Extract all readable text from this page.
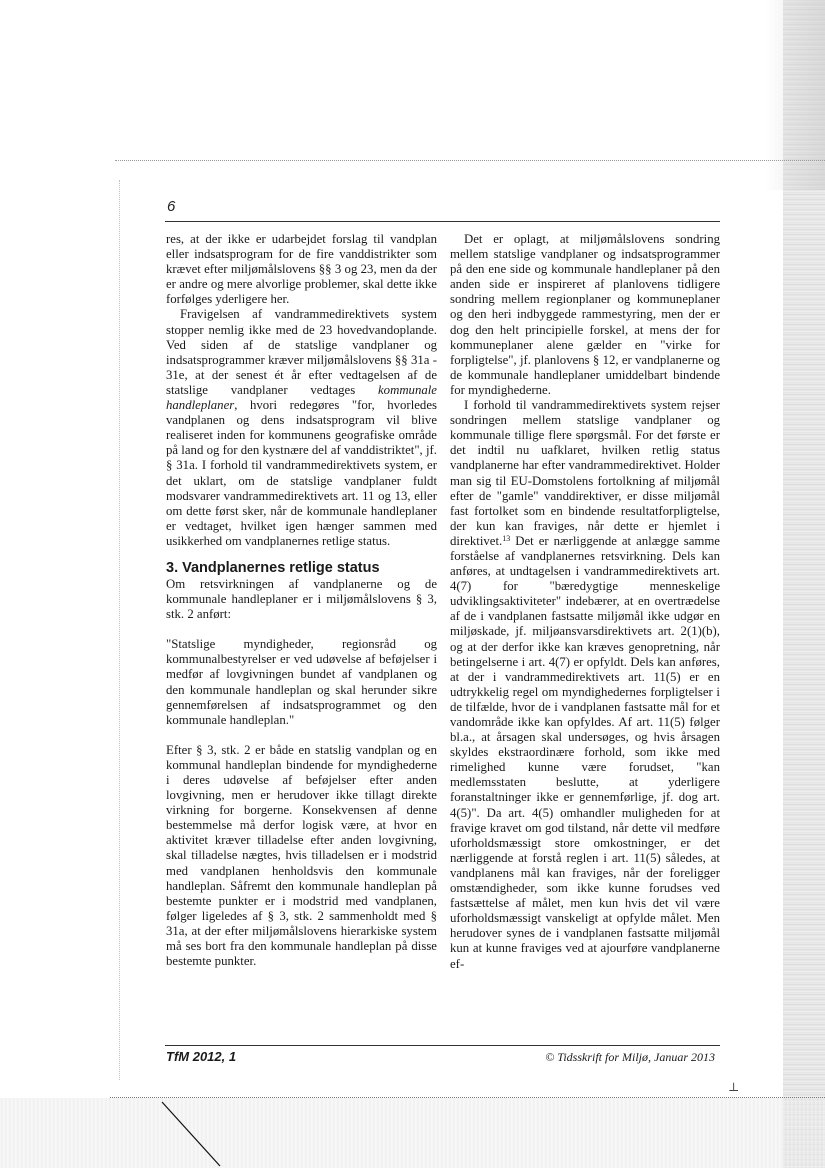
⊥
6

res, at der ikke er udarbejdet forslag til vandplan eller indsatsprogram for de fire vanddistrikter som krævet efter miljømålslovens §§ 3 og 23, men da der er andre og mere alvorlige problemer, skal dette ikke forfølges yderligere her.

Fravigelsen af vandrammedirektivets system stopper nemlig ikke med de 23 hovedvandoplande. Ved siden af de statslige vandplaner og indsatsprogrammer kræver miljømålslovens §§ 31a - 31e, at der senest ét år efter vedtagelsen af de statslige vandplaner vedtages kommunale handleplaner, hvori redegøres "for, hvorledes vandplanen og dens indsatsprogram vil blive realiseret inden for kommunens geografiske område på land og for den kystnære del af vanddistriktet", jf. § 31a. I forhold til vandrammedirektivets system, er det uklart, om de statslige vandplaner fuldt modsvarer vandrammedirektivets art. 11 og 13, eller om dette først sker, når de kommunale handleplaner er vedtaget, hvilket igen hænger sammen med usikkerhed om vandplanernes retlige status.

3. Vandplanernes retlige status

Om retsvirkningen af vandplanerne og de kommunale handleplaner er i miljømålslovens § 3, stk. 2 anført:

"Statslige myndigheder, regionsråd og kommunalbestyrelser er ved udøvelse af beføjelser i medfør af lovgivningen bundet af vandplanen og den kommunale handleplan og skal herunder sikre gennemførelsen af indsatsprogrammet og den kommunale handleplan."

Efter § 3, stk. 2 er både en statslig vandplan og en kommunal handleplan bindende for myndighederne i deres udøvelse af beføjelser efter anden lovgivning, men er herudover ikke tillagt direkte virkning for borgerne. Konsekvensen af denne bestemmelse må derfor logisk være, at hvor en aktivitet kræver tilladelse efter anden lovgivning, skal tilladelse nægtes, hvis tilladelsen er i modstrid med vandplanen henholdsvis den kommunale handleplan. Såfremt den kommunale handleplan på bestemte punkter er i modstrid med vandplanen, følger ligeledes af § 3, stk. 2 sammenholdt med § 31a, at der efter miljømålslovens hierarkiske system må ses bort fra den kommunale handleplan på disse bestemte punkter.

Det er oplagt, at miljømålslovens sondring mellem statslige vandplaner og indsatsprogrammer på den ene side og kommunale handleplaner på den anden side er inspireret af planlovens tidligere sondring mellem regionplaner og kommuneplaner og den heri indbyggede rammestyring, men der er dog den helt principielle forskel, at mens der for kommuneplaner alene gælder en "virke for forpligtelse", jf. planlovens § 12, er vandplanerne og de kommunale handleplaner umiddelbart bindende for myndighederne.

I forhold til vandrammedirektivets system rejser sondringen mellem statslige vandplaner og kommunale tillige flere spørgsmål. For det første er det indtil nu uafklaret, hvilken retlig status vandplanerne har efter vandrammedirektivet. Holder man sig til EU-Domstolens fortolkning af miljømål efter de "gamle" vanddirektiver, er disse miljømål fast fortolket som en bindende resultatforpligtelse, der kun kan fraviges, når dette er hjemlet i direktivet.$^{13}$ Det er nærliggende at anlægge samme forståelse af vandplanernes retsvirkning. Dels kan anføres, at undtagelsen i vandrammedirektivets art. 4(7) for "bæredygtige menneskelige udviklingsaktiviteter" indebærer, at en overtrædelse af de i vandplanen fastsatte miljømål ikke udgør en miljøskade, jf. miljøansvarsdirektivets art. 2(1)(b), og at der derfor ikke kan kræves genopretning, når betingelserne i art. 4(7) er opfyldt. Dels kan anføres, at der i vandrammedirektivets art. 11(5) er en udtrykkelig regel om myndighedernes forpligtelser i de tilfælde, hvor de i vandplanen fastsatte mål for et vandområde ikke kan opfyldes. Af art. 11(5) følger bl.a., at årsagen skal undersøges, og hvis årsagen skyldes ekstraordinære forhold, som ikke med rimelighed kunne være forudset, "kan medlemsstaten beslutte, at yderligere foranstaltninger ikke er gennemførlige, jf. dog art. 4(5)". Da art. 4(5) omhandler muligheden for at fravige kravet om god tilstand, når dette vil medføre uforholdsmæssigt store omkostninger, er det nærliggende at forstå reglen i art. 11(5) således, at vandplanens mål kan fraviges, når der foreligger omstændigheder, som ikke kunne forudses ved fastsættelse af målet, men kun hvis det vil være uforholdsmæssigt vanskeligt at opfylde målet. Men herudover synes de i vandplanen fastsatte miljømål kun at kunne fraviges ved at ajourføre vandplanerne ef-

TfM 2012, 1	© Tidsskrift for Miljø, Januar 2013
